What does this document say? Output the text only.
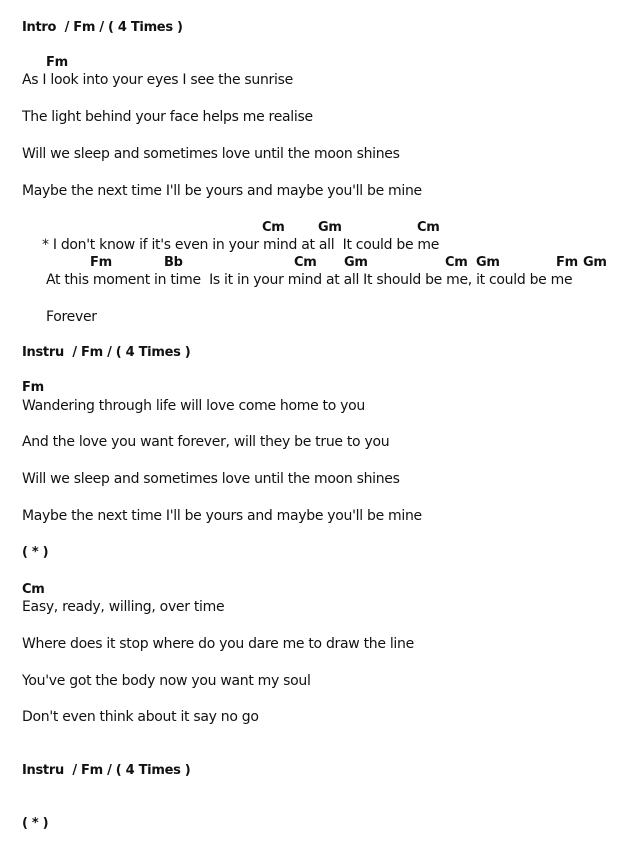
Intro  / Fm / ( 4 Times )
Fm
As I look into your eyes I see the sunrise
The light behind your face helps me realise
Will we sleep and sometimes love until the moon shines
Maybe the next time I'll be yours and maybe you'll be mine
Cm	Gm	Cm
* I don't know if it's even in your mind at all  It could be me
Fm	Bb	Cm Gm	Cm Gm	Fm Gm
At this moment in time  Is it in your mind at all It should be me, it could be me
Forever
Instru  / Fm / ( 4 Times )
Fm
Wandering through life will love come home to you
And the love you want forever, will they be true to you
Will we sleep and sometimes love until the moon shines
Maybe the next time I'll be yours and maybe you'll be mine
( * )
Cm
Easy, ready, willing, over time
Where does it stop where do you dare me to draw the line
You've got the body now you want my soul
Don't even think about it say no go
Instru  / Fm / ( 4 Times )
( * )
